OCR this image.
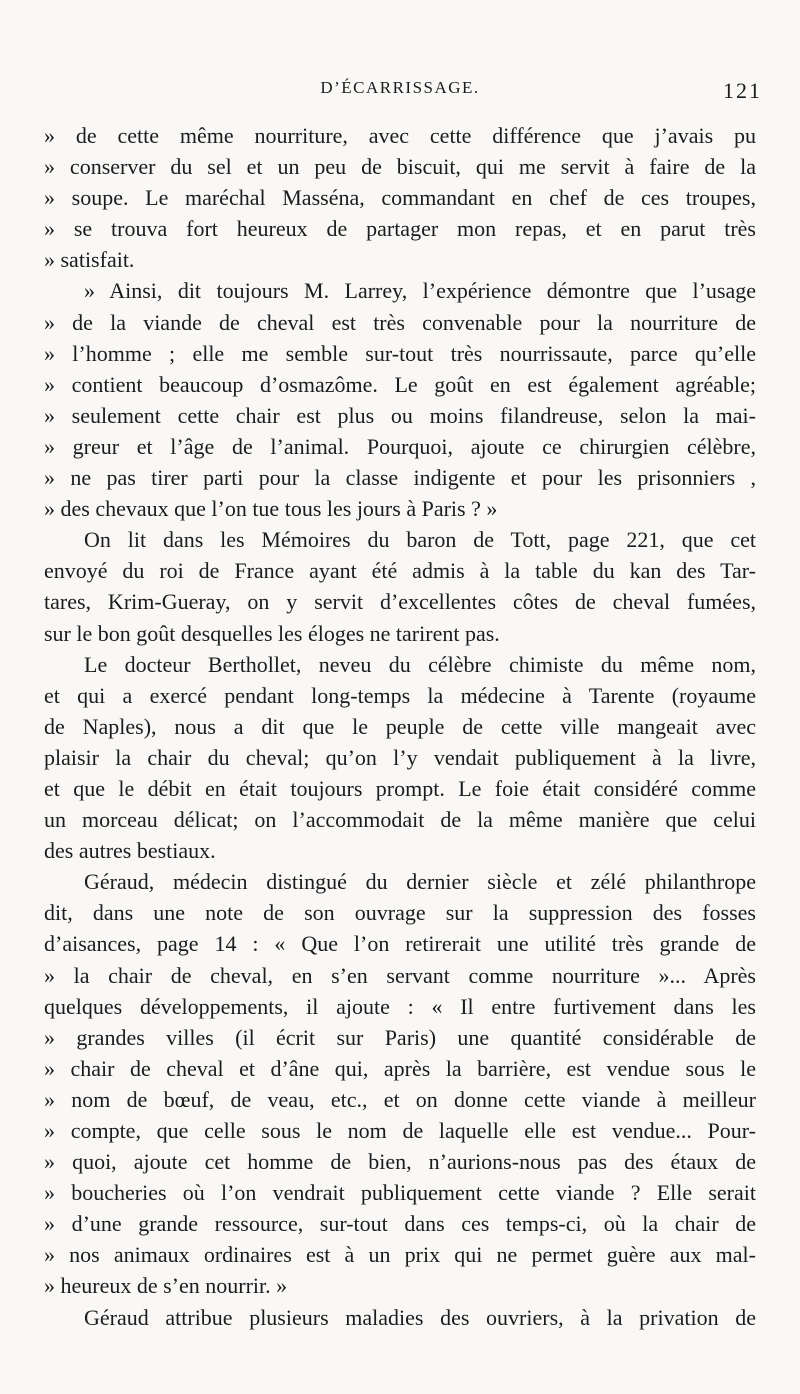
D’ÉCARRISSAGE.	121
» de cette même nourriture, avec cette différence que j’avais pu
» conserver du sel et un peu de biscuit, qui me servit à faire de la
» soupe. Le maréchal Masséna, commandant en chef de ces troupes,
» se trouva fort heureux de partager mon repas, et en parut très
» satisfait.
» Ainsi, dit toujours M. Larrey, l’expérience démontre que l’usage
» de la viande de cheval est très convenable pour la nourriture de
» l’homme ; elle me semble sur-tout très nourrissaute, parce qu’elle
» contient beaucoup d’osmazôme. Le goût en est également agréable;
» seulement cette chair est plus ou moins filandreuse, selon la mai-
» greur et l’âge de l’animal. Pourquoi, ajoute ce chirurgien célèbre,
» ne pas tirer parti pour la classe indigente et pour les prisonniers ,
» des chevaux que l’on tue tous les jours à Paris ? »
On lit dans les Mémoires du baron de Tott, page 221, que cet
envoyé du roi de France ayant été admis à la table du kan des Tar-
tares, Krim-Gueray, on y servit d’excellentes côtes de cheval fumées,
sur le bon goût desquelles les éloges ne tarirent pas.
Le docteur Berthollet, neveu du célèbre chimiste du même nom,
et qui a exercé pendant long-temps la médecine à Tarente (royaume
de Naples), nous a dit que le peuple de cette ville mangeait avec
plaisir la chair du cheval; qu’on l’y vendait publiquement à la livre,
et que le débit en était toujours prompt. Le foie était considéré comme
un morceau délicat; on l’accommodait de la même manière que celui
des autres bestiaux.
Géraud, médecin distingué du dernier siècle et zélé philanthrope
dit, dans une note de son ouvrage sur la suppression des fosses
d’aisances, page 14 : « Que l’on retirerait une utilité très grande de
» la chair de cheval, en s’en servant comme nourriture »... Après
quelques développements, il ajoute : « Il entre furtivement dans les
» grandes villes (il écrit sur Paris) une quantité considérable de
» chair de cheval et d’âne qui, après la barrière, est vendue sous le
» nom de bœuf, de veau, etc., et on donne cette viande à meilleur
» compte, que celle sous le nom de laquelle elle est vendue... Pour-
» quoi, ajoute cet homme de bien, n’aurions-nous pas des étaux de
» boucheries où l’on vendrait publiquement cette viande ? Elle serait
» d’une grande ressource, sur-tout dans ces temps-ci, où la chair de
» nos animaux ordinaires est à un prix qui ne permet guère aux mal-
» heureux de s’en nourrir. »
Géraud attribue plusieurs maladies des ouvriers, à la privation de
